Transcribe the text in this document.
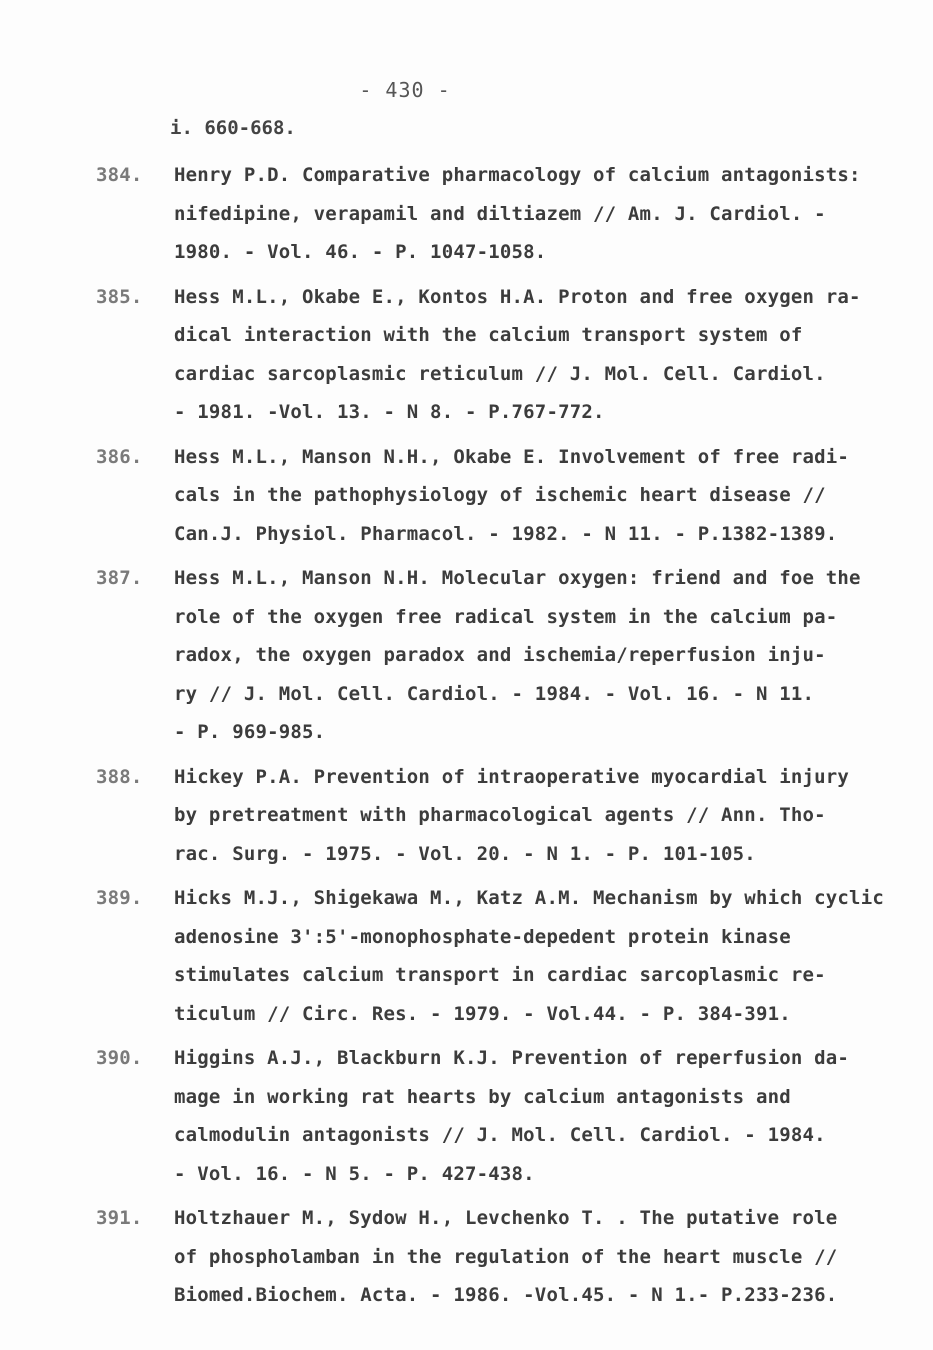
- 430 -
i. 660-668.
384.	Henry P.D. Comparative pharmacology of calcium antagonists:
nifedipine, verapamil and diltiazem // Am. J. Cardiol. -
1980. - Vol. 46. - P. 1047-1058.
385.	Hess M.L., Okabe E., Kontos H.A. Proton and free oxygen ra-
dical interaction with the calcium transport system of
cardiac sarcoplasmic reticulum // J. Mol. Cell. Cardiol.
- 1981. -Vol. 13. - N 8. - P.767-772.
386.	Hess M.L., Manson N.H., Okabe E. Involvement of free radi-
cals in the pathophysiology of ischemic heart disease //
Can.J. Physiol. Pharmacol. - 1982. - N 11. - P.1382-1389.
387.	Hess M.L., Manson N.H. Molecular oxygen: friend and foe the
role of the oxygen free radical system in the calcium pa-
radox, the oxygen paradox and ischemia/reperfusion inju-
ry // J. Mol. Cell. Cardiol. - 1984. - Vol. 16. - N 11.
- P. 969-985.
388.	Hickey P.A. Prevention of intraoperative myocardial injury
by pretreatment with pharmacological agents // Ann. Tho-
rac. Surg. - 1975. - Vol. 20. - N 1. - P. 101-105.
389.	Hicks M.J., Shigekawa M., Katz A.M. Mechanism by which cyclic
adenosine 3':5'-monophosphate-depedent protein kinase
stimulates calcium transport in cardiac sarcoplasmic re-
ticulum // Circ. Res. - 1979. - Vol.44. - P. 384-391.
390.	Higgins A.J., Blackburn K.J. Prevention of reperfusion da-
mage in working rat hearts by calcium antagonists and
calmodulin antagonists // J. Mol. Cell. Cardiol. - 1984.
- Vol. 16. - N 5. - P. 427-438.
391.	Holtzhauer M., Sydow H., Levchenko T. . The putative role
of phospholamban in the regulation of the heart muscle //
Biomed.Biochem. Acta. - 1986. -Vol.45. - N 1.- P.233-236.
